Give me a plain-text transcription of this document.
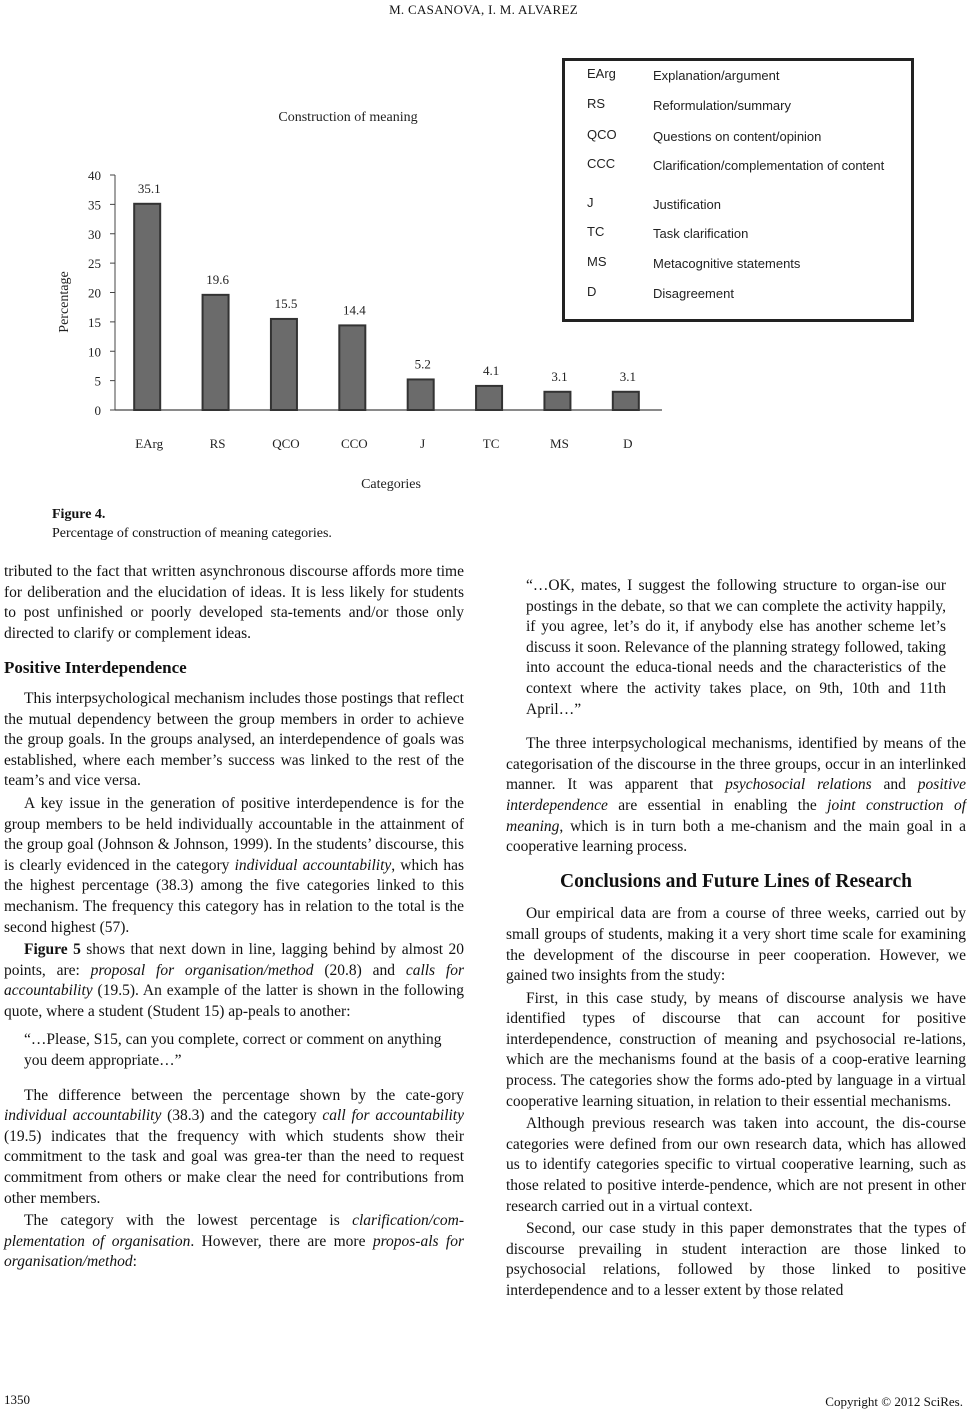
M. CASANOVA, I. M. ALVAREZ
Construction of meaning
0
5
10
15
20
25
30
35
40
Percentage
35.1
EArg
19.6
RS
15.5
QCO
14.4
CCO
5.2
J
4.1
TC
3.1
MS
3.1
D
Categories
EArg	Explanation/argument
RS	Reformulation/summary
QCO	Questions on content/opinion
CCC	Clarification/complementation of content
J	Justification
TC	Task clarification
MS	Metacognitive statements
D	Disagreement
Figure 4.
Percentage of construction of meaning categories.

tributed to the fact that written asynchronous discourse affords more time for deliberation and the elucidation of ideas. It is less likely for students to post unfinished or poorly developed sta-tements and/or those only directed to clarify or complement ideas.

Positive Interdependence

This interpsychological mechanism includes those postings that reflect the mutual dependency between the group members in order to achieve the group goals. In the groups analysed, an interdependence of goals was established, where each member’s success was linked to the rest of the team’s and vice versa.

A key issue in the generation of positive interdependence is for the group members to be held individually accountable in the attainment of the group goal (Johnson & Johnson, 1999). In the students’ discourse, this is clearly evidenced in the category individual accountability, which has the highest percentage (38.3) among the five categories linked to this mechanism. The frequency this category has in relation to the total is the second highest (57).

Figure 5 shows that next down in line, lagging behind by almost 20 points, are: proposal for organisation/method (20.8) and calls for accountability (19.5). An example of the latter is shown in the following quote, where a student (Student 15) ap-peals to another:

“…Please, S15, can you complete, correct or comment on anything you deem appropriate…”

The difference between the percentage shown by the cate-gory individual accountability (38.3) and the category call for accountability (19.5) indicates that the frequency with which students show their commitment to the task and goal was grea-ter than the need to request commitment from others or make clear the need for contributions from other members.

The category with the lowest percentage is clarification/com-plementation of organisation. However, there are more propos-als for organisation/method:

“…OK, mates, I suggest the following structure to organ-ise our postings in the debate, so that we can complete the activity happily, if you agree, let’s do it, if anybody else has another scheme let’s discuss it soon. Relevance of the planning strategy followed, taking into account the educa-tional needs and the characteristics of the context where the activity takes place, on 9th, 10th and 11th April…”

The three interpsychological mechanisms, identified by means of the categorisation of the discourse in the three groups, occur in an interlinked manner. It was apparent that psychosocial relations and positive interdependence are essential in enabling the joint construction of meaning, which is in turn both a me-chanism and the main goal in a cooperative learning process.

Conclusions and Future Lines of Research

Our empirical data are from a course of three weeks, carried out by small groups of students, making it a very short time scale for examining the development of the discourse in peer cooperation. However, we gained two insights from the study:

First, in this case study, by means of discourse analysis we have identified types of discourse that can account for positive interdependence, construction of meaning and psychosocial re-lations, which are the mechanisms found at the basis of a coop-erative learning process. The categories show the forms ado-pted by language in a virtual cooperative learning situation, in relation to their essential mechanisms.

Although previous research was taken into account, the dis-course categories were defined from our own research data, which has allowed us to identify categories specific to virtual cooperative learning, such as those related to positive interde-pendence, which are not present in other research carried out in a virtual context.

Second, our case study in this paper demonstrates that the types of discourse prevailing in student interaction are those linked to psychosocial relations, followed by those linked to positive interdependence and to a lesser extent by those related

1350	Copyright © 2012 SciRes.
